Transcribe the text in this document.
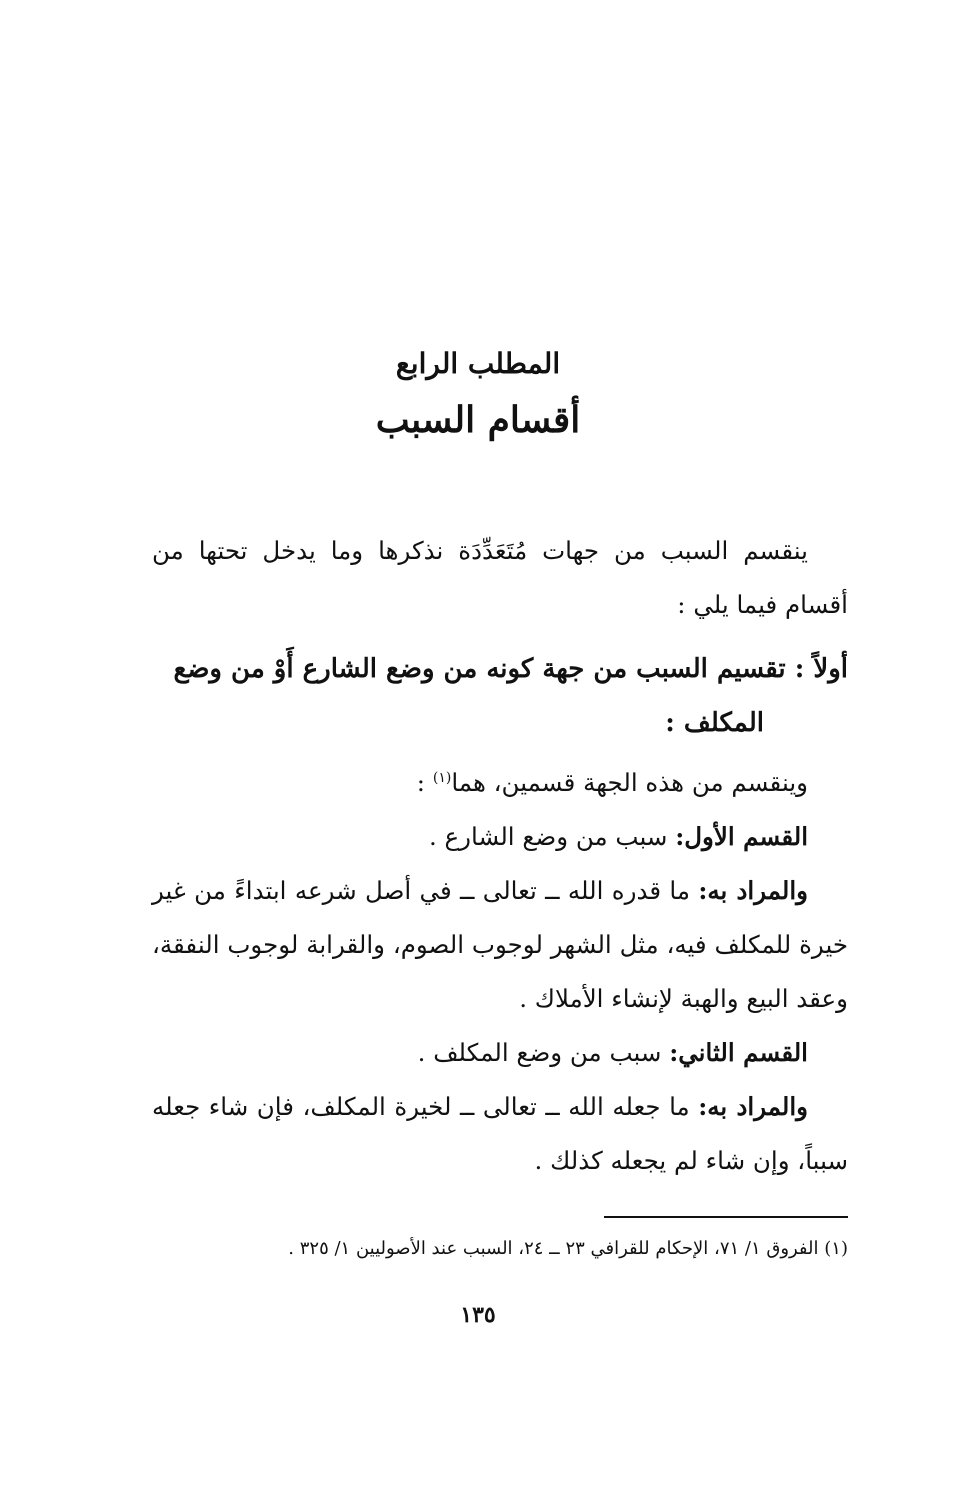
المطلب الرابع
أقسام السبب

ينقسم السبب من جهات مُتَعَدِّدَة نذكرها وما يدخل تحتها من أقسام فيما يلي :

أولاً : تقسيم السبب من جهة كونه من وضع الشارع أَوْ من وضع
المكلف :

وينقسم من هذه الجهة قسمين، هما$^{(١)}$ :

القسم الأول: سبب من وضع الشارع .

والمراد به: ما قدره الله ــ تعالى ــ في أصل شرعه ابتداءً من غير خيرة للمكلف فيه، مثل الشهر لوجوب الصوم، والقرابة لوجوب النفقة، وعقد البيع والهبة لإنشاء الأملاك .

القسم الثاني: سبب من وضع المكلف .

والمراد به: ما جعله الله ــ تعالى ــ لخيرة المكلف، فإن شاء جعله سبباً، وإن شاء لم يجعله كذلك .

(١) الفروق ١/ ٧١، الإحكام للقرافي ٢٣ ــ ٢٤، السبب عند الأصوليين ١/ ٣٢٥ .
١٣٥
